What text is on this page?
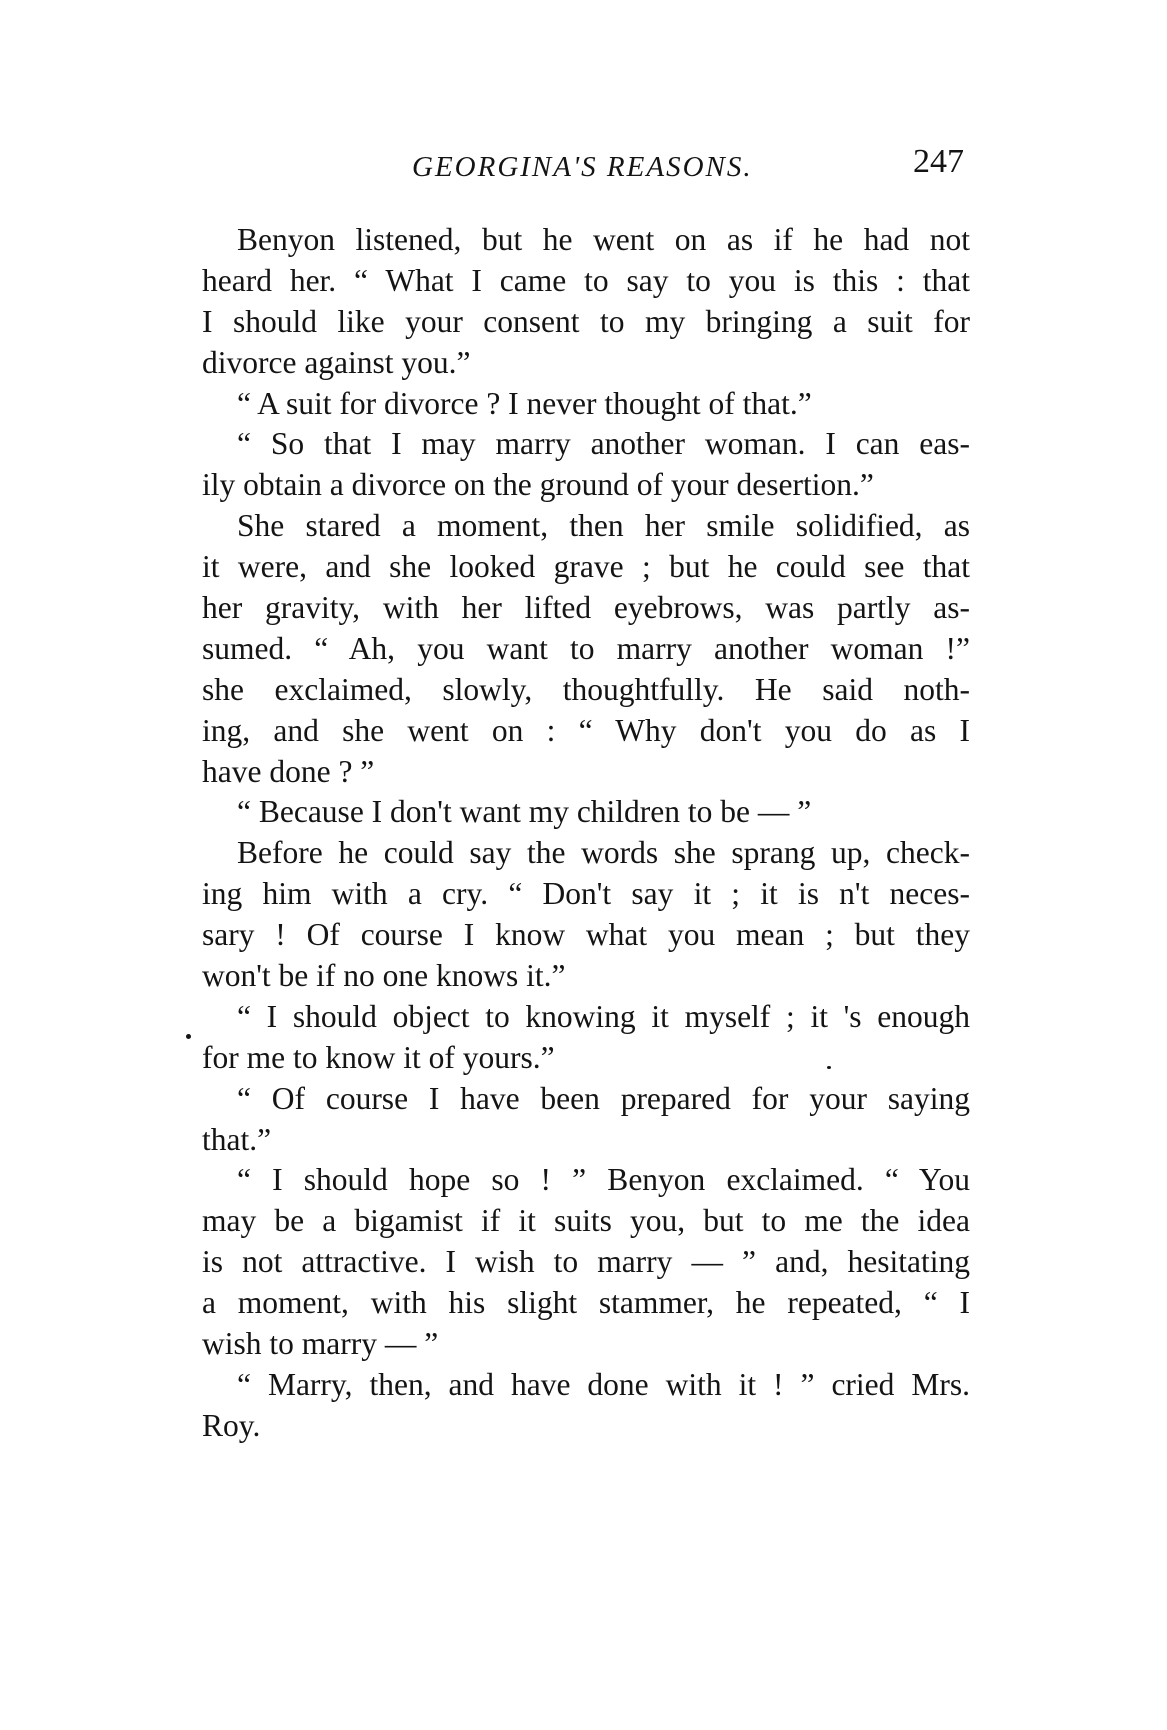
GEORGINA'S REASONS.	247
Benyon listened, but he went on as if he had not
heard her. “ What I came to say to you is this : that
I should like your consent to my bringing a suit for
divorce against you.”
“ A suit for divorce ? I never thought of that.”
“ So that I may marry another woman. I can eas-
ily obtain a divorce on the ground of your desertion.”
She stared a moment, then her smile solidified, as
it were, and she looked grave ; but he could see that
her gravity, with her lifted eyebrows, was partly as-
sumed. “ Ah, you want to marry another woman !”
she exclaimed, slowly, thoughtfully. He said noth-
ing, and she went on : “ Why don't you do as I
have done ? ”
“ Because I don't want my children to be — ”
Before he could say the words she sprang up, check-
ing him with a cry. “ Don't say it ; it is n't neces-
sary ! Of course I know what you mean ; but they
won't be if no one knows it.”
“ I should object to knowing it myself ; it 's enough
for me to know it of yours.”
“ Of course I have been prepared for your saying
that.”
“ I should hope so ! ” Benyon exclaimed. “ You
may be a bigamist if it suits you, but to me the idea
is not attractive. I wish to marry — ” and, hesitating
a moment, with his slight stammer, he repeated, “ I
wish to marry — ”
“ Marry, then, and have done with it ! ” cried Mrs.
Roy.
